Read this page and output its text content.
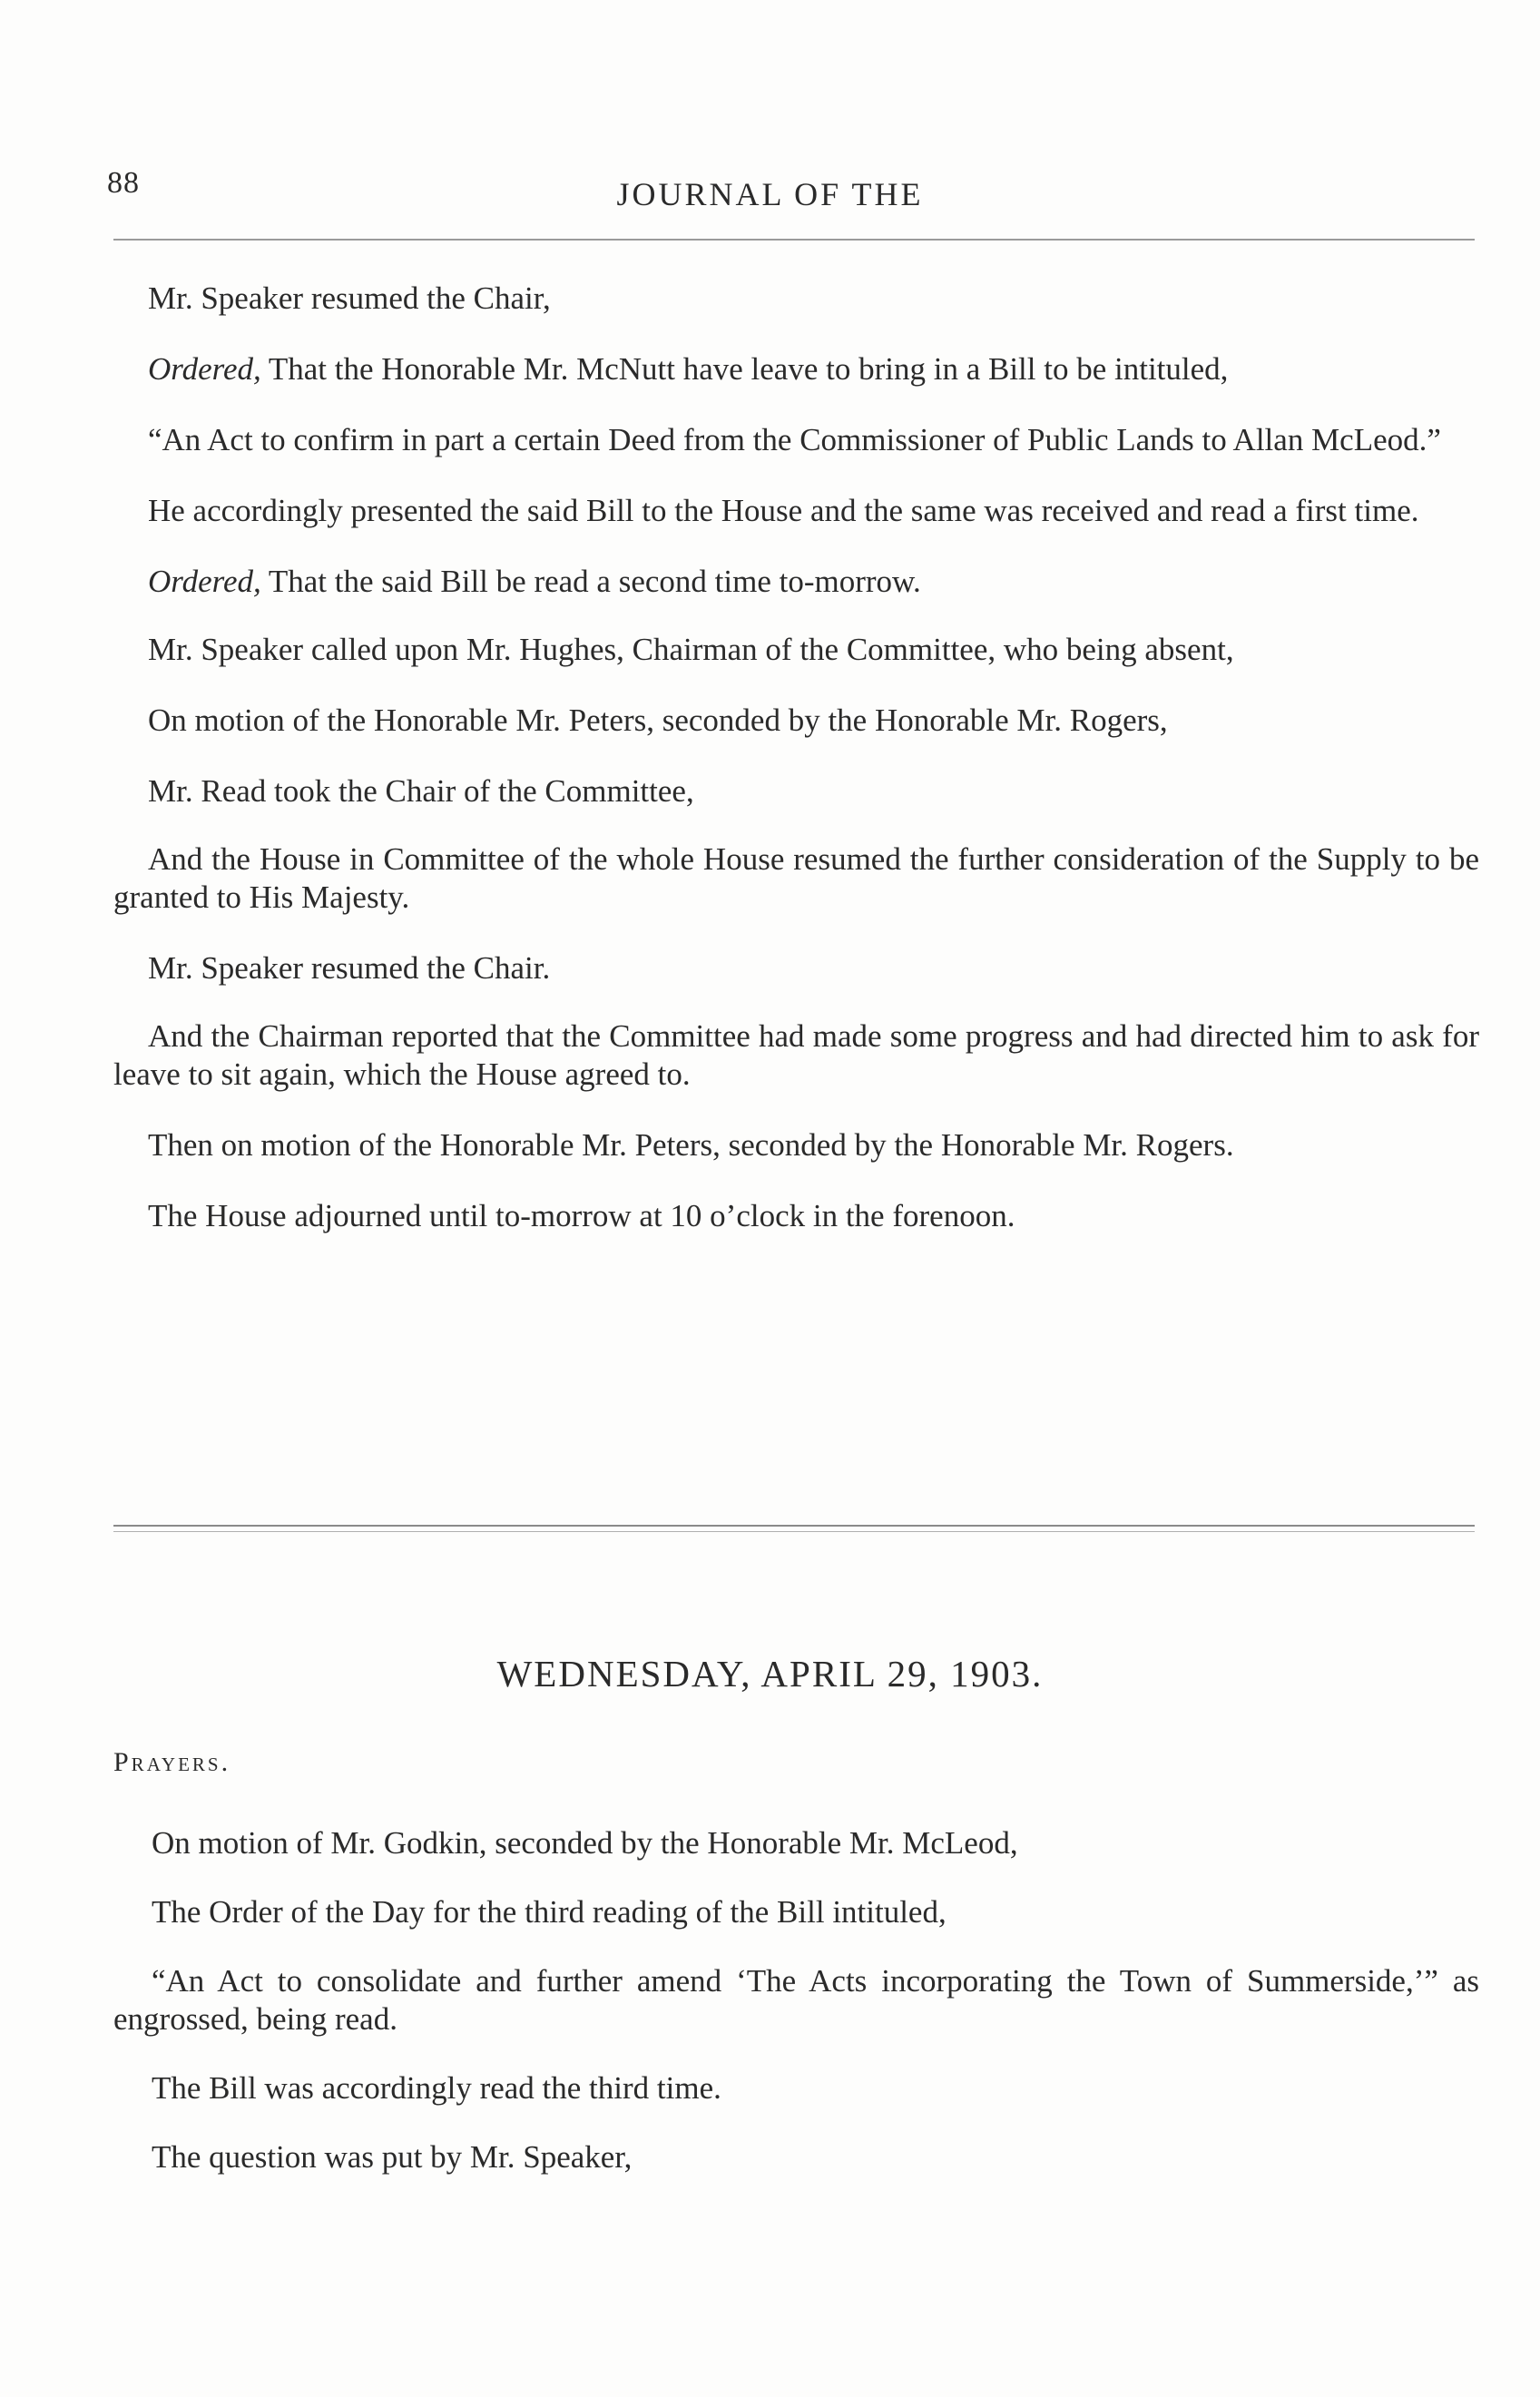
88	JOURNAL OF THE

Mr. Speaker resumed the Chair,

Ordered, That the Honorable Mr. McNutt have leave to bring in a Bill to be intituled,

“An Act to confirm in part a certain Deed from the Commissioner of Public Lands to Allan McLeod.”

He accordingly presented the said Bill to the House and the same was received and read a first time.

Ordered, That the said Bill be read a second time to-morrow.

Mr. Speaker called upon Mr. Hughes, Chairman of the Committee, who being absent,

On motion of the Honorable Mr. Peters, seconded by the Honorable Mr. Rogers,

Mr. Read took the Chair of the Committee,

And the House in Committee of the whole House resumed the further consideration of the Supply to be granted to His Majesty.

Mr. Speaker resumed the Chair.

And the Chairman reported that the Committee had made some progress and had directed him to ask for leave to sit again, which the House agreed to.

Then on motion of the Honorable Mr. Peters, seconded by the Honorable Mr. Rogers.

The House adjourned until to-morrow at 10 o’clock in the forenoon.

WEDNESDAY, APRIL 29, 1903.
Prayers.

On motion of Mr. Godkin, seconded by the Honorable Mr. McLeod,

The Order of the Day for the third reading of the Bill intituled,

“An Act to consolidate and further amend ‘The Acts incorporating the Town of Summerside,’” as engrossed, being read.

The Bill was accordingly read the third time.

The question was put by Mr. Speaker,
